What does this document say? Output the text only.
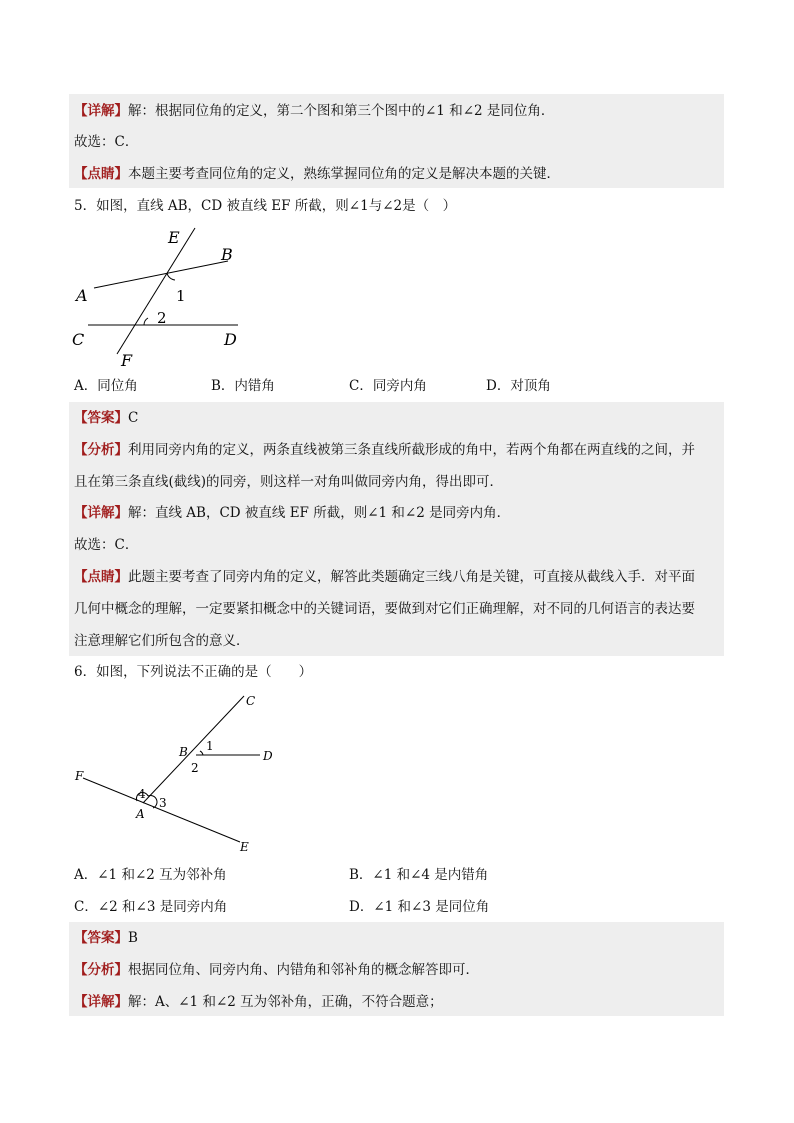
【详解】解：根据同位角的定义，第二个图和第三个图中的∠1 和∠2 是同位角．
故选：C．
【点睛】本题主要考查同位角的定义，熟练掌握同位角的定义是解决本题的关键．
5．如图，直线 AB，CD 被直线 EF 所截，则∠1与∠2是（　）
E
B
A	1
2
C	D
F
A．同位角	B．内错角	C．同旁内角	D．对顶角
【答案】C
【分析】利用同旁内角的定义，两条直线被第三条直线所截形成的角中，若两个角都在两直线的之间，并
且在第三条直线(截线)的同旁，则这样一对角叫做同旁内角，得出即可．
【详解】解：直线 AB，CD 被直线 EF 所截，则∠1 和∠2 是同旁内角．
故选：C．
【点睛】此题主要考查了同旁内角的定义，解答此类题确定三线八角是关键，可直接从截线入手．对平面
几何中概念的理解，一定要紧扣概念中的关键词语，要做到对它们正确理解，对不同的几何语言的表达要
注意理解它们所包含的意义．
6．如图，下列说法不正确的是（　　）
C
B 1
D
2
F
4
3
A
E
A．∠1 和∠2 互为邻补角	B．∠1 和∠4 是内错角
C．∠2 和∠3 是同旁内角	D．∠1 和∠3 是同位角
【答案】B
【分析】根据同位角、同旁内角、内错角和邻补角的概念解答即可．
【详解】解：A、∠1 和∠2 互为邻补角，正确，不符合题意；
